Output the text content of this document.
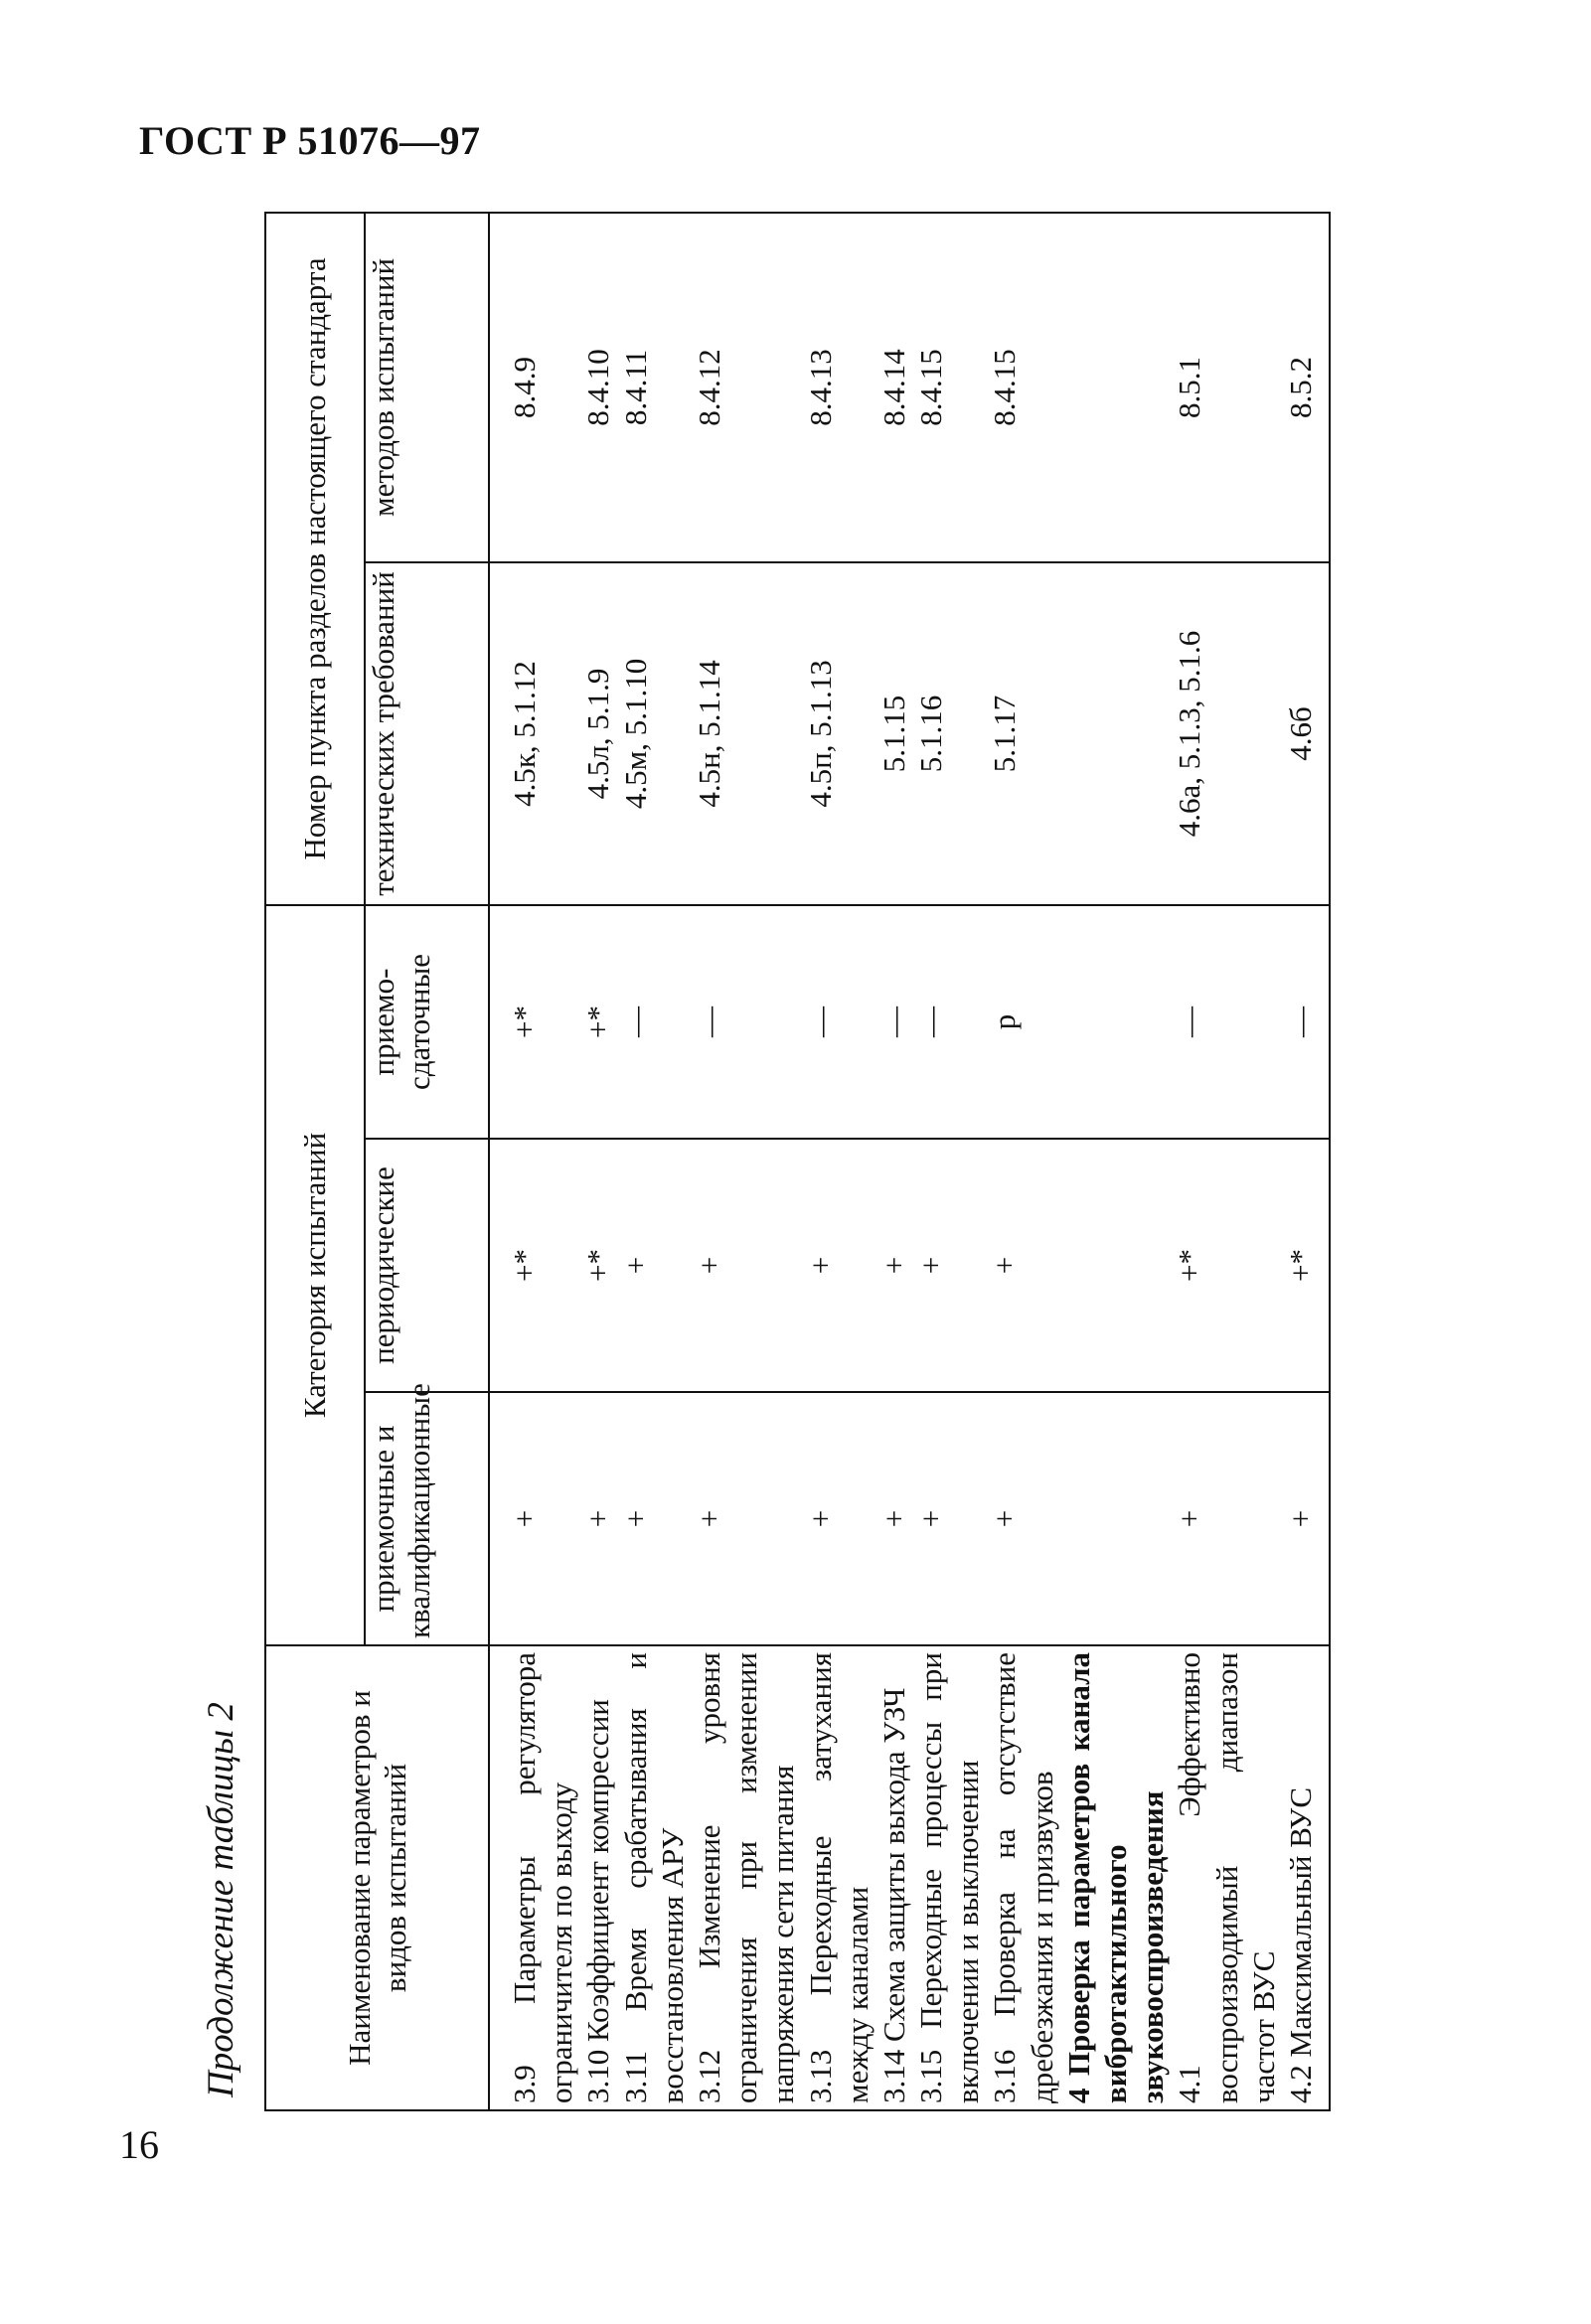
ГОСТ Р 51076—97
Продолжение таблицы 2	Наименование параметров и видов испытаний	Категория испытаний			Номер пункта разделов настоящего стандарта	
	приемочные и квалификационные	периодические	приемо-сдаточные	технических требований	методов испытаний
3.9 Параметры регулятора ограничителя по выходу	+	+*	+*	4.5к, 5.1.12	8.4.9
3.10 Коэффициент компрессии	+	+*	+*	4.5л, 5.1.9	8.4.10
3.11 Время срабатывания и восстановления АРУ	+	+	—	4.5м, 5.1.10	8.4.11
3.12 Изменение уровня ограничения при изменении напряжения сети питания	+	+	—	4.5н, 5.1.14	8.4.12
3.13 Переходные затухания между каналами	+	+	—	4.5п, 5.1.13	8.4.13
3.14 Схема защиты выхода УЗЧ	+	+	—	5.1.15	8.4.14
3.15 Переходные процессы при включении и выключении	+	+	—	5.1.16	8.4.15
3.16 Проверка на отсутствие дребезжания и призвуков	+	+	р	5.1.17	8.4.15
4 Проверка параметров канала вибротактильного звуковоспроизведения					
4.1 Эффективно воспроизводимый диапазон частот ВУС	+	+*	—	4.6а, 5.1.3, 5.1.6	8.5.1
4.2 Максимальный ВУС	+	+*	—	4.6б	8.5.2
16
